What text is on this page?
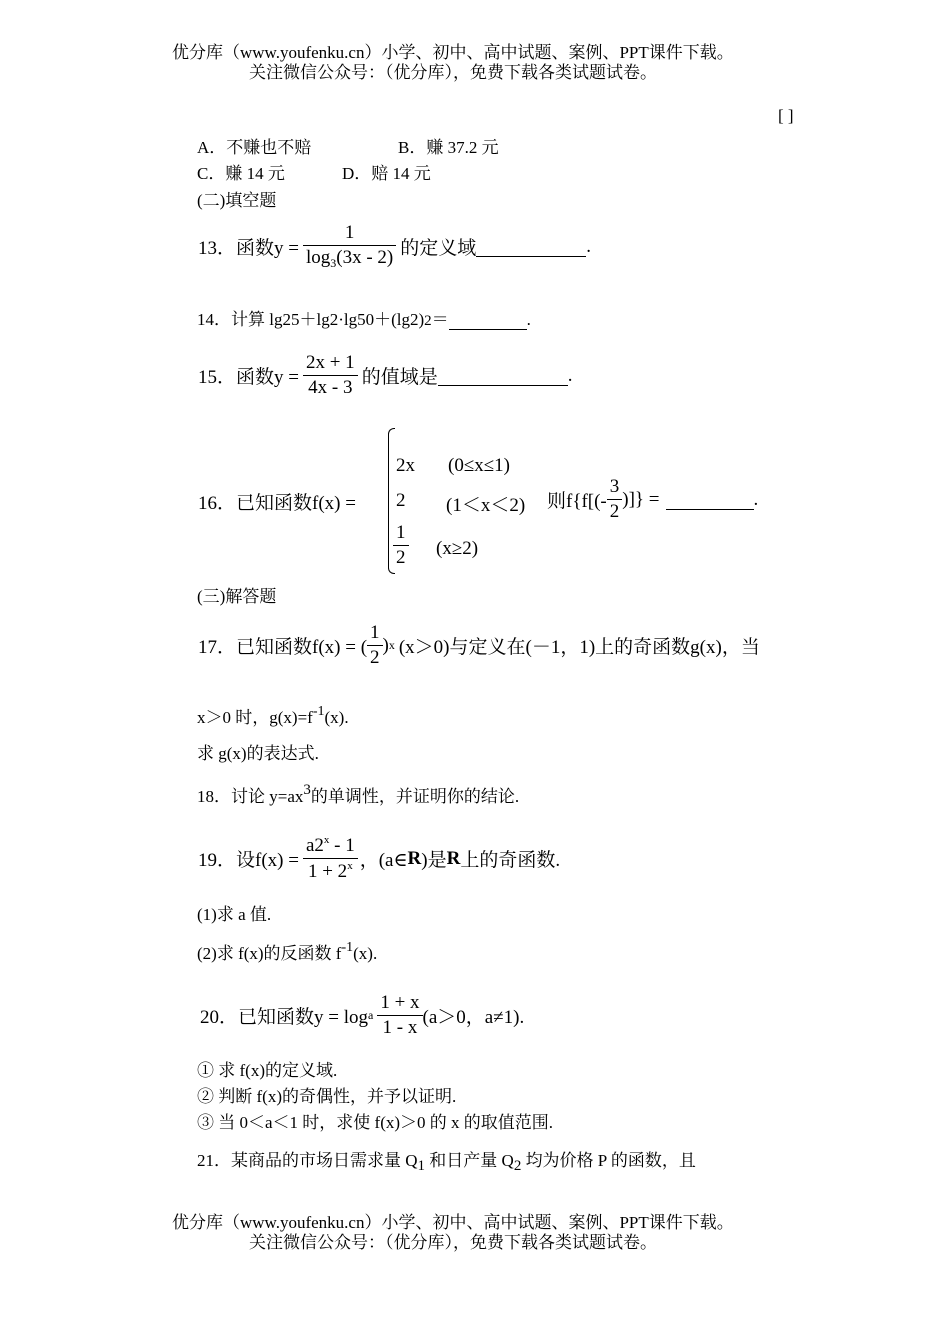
优分库（www.youfenku.cn）小学、初中、高中试题、案例、PPT课件下载。
关注微信公众号：（优分库），免费下载各类试题试卷。
[ ]
A．不赚也不赔	B．赚 37.2 元
C．赚 14 元	D．赔 14 元
(二)填空题
13．函数$y = \frac{1}{\log_3(3x - 2)}$ 的定义域	.
14．计算 lg25＋lg2·lg50＋(lg2) 2 ＝	.
15．函数$y = \frac{2x + 1}{4x - 3}$ 的值域是	.
16．已知函数f(x) =
2x (0≤x≤1)
2 (1＜x＜2)
$\frac{1}{2} (x\ge 2)$
则$f\{f[(- \frac{3}{2}$ )]} =	.
(三)解答题
17．已知函数f(x) = ( $\frac{1}{2}$ ) x (x＞0)与定义在(－1，1)上的奇函数g(x)，当
x＞0 时，$g(x)=f^{-1}(x)$.
求 g(x)的表达式.
18．讨论 y=ax3的单调性，并证明你的结论.
19．设$f(x) = \frac{a2^x - 1}{1 + 2^x}$ ，(a∈ R )是 R 上的奇函数.
(1)求 a 值.
(2)求 f(x)的反函数 $f^{-1}(x)$.
20．已知函数y = log a $\frac{1 + x}{1 - x} (a>0$，a≠1).
① 求 f(x)的定义域.
② 判断 f(x)的奇偶性，并予以证明.
③ 当 0＜a＜1 时，求使 f(x)＞0 的 x 的取值范围.
21．某商品的市场日需求量 Q1 和日产量 Q2 均为价格 P 的函数，且
优分库（www.youfenku.cn）小学、初中、高中试题、案例、PPT课件下载。
关注微信公众号：（优分库），免费下载各类试题试卷。
